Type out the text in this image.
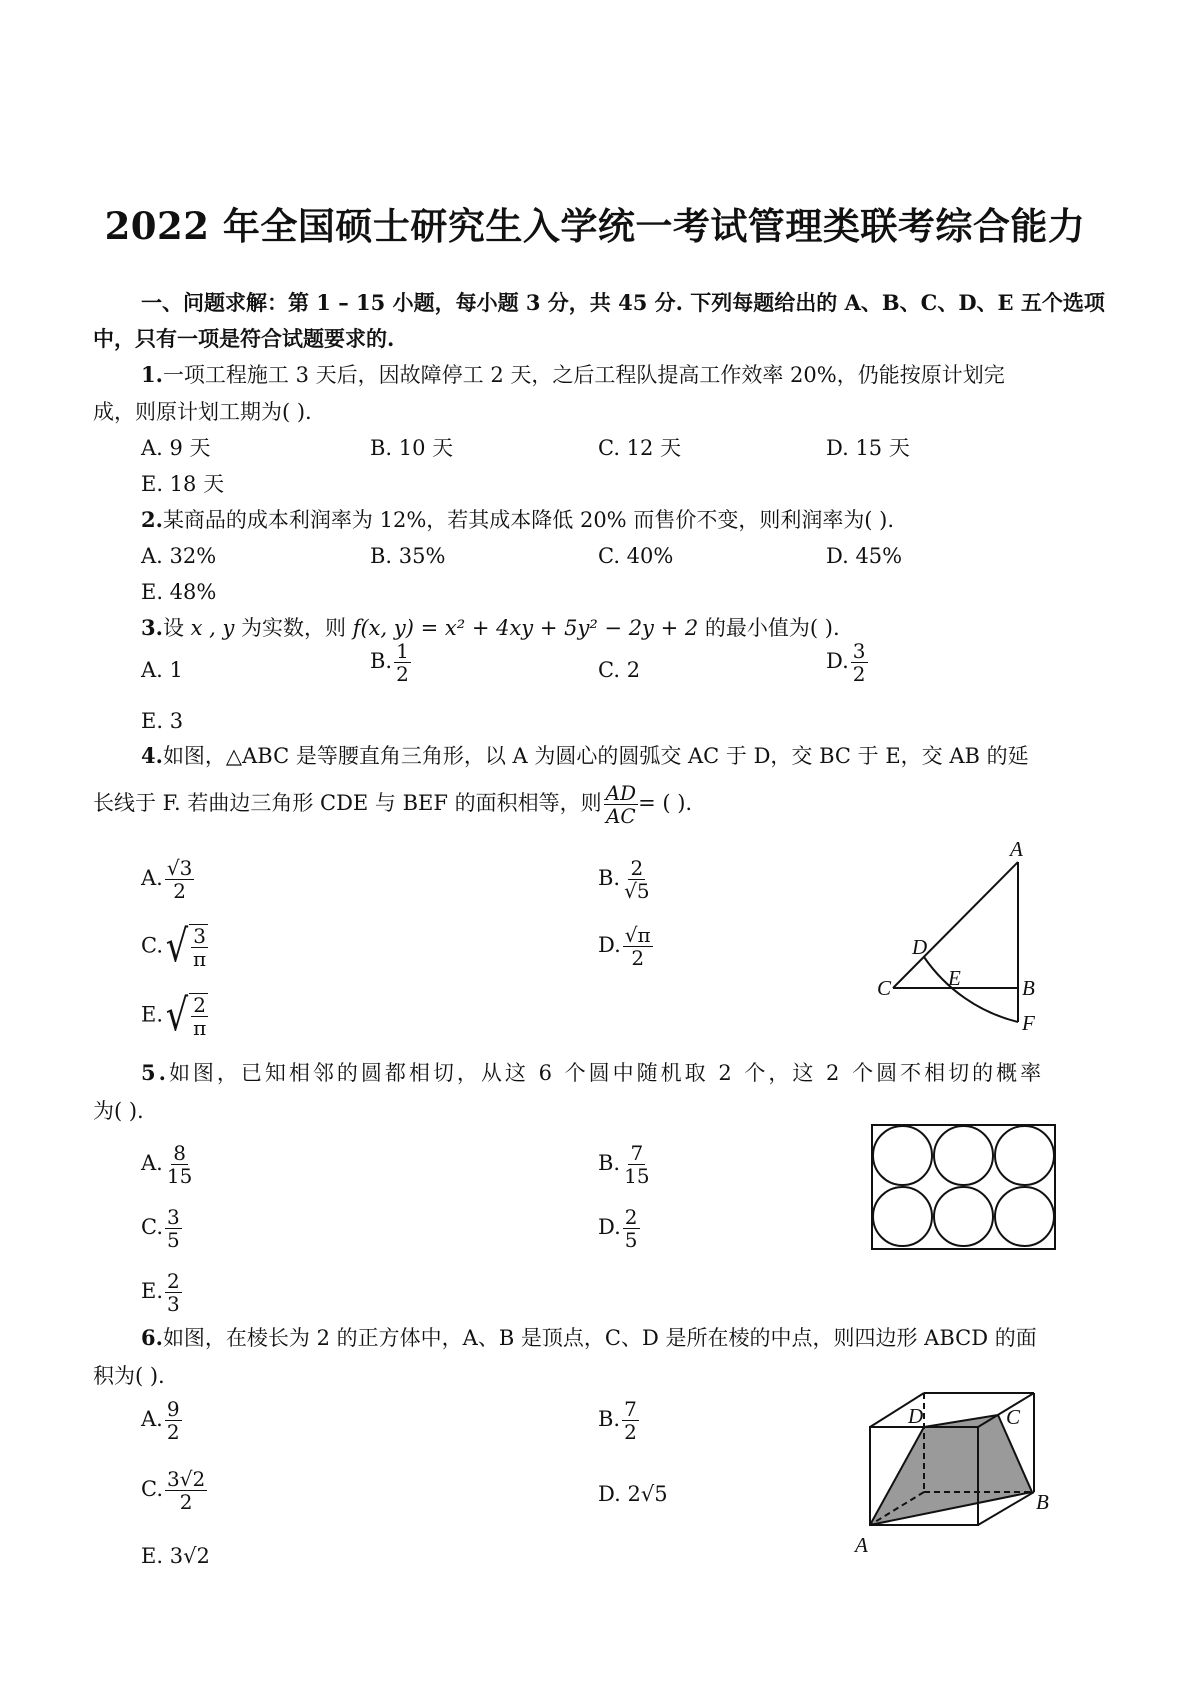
2022 年全国硕士研究生入学统一考试管理类联考综合能力
一、问题求解：第 1 – 15 小题，每小题 3 分，共 45 分. 下列每题给出的 A、B、C、D、E 五个选项
中，只有一项是符合试题要求的.
1.一项工程施工 3 天后，因故障停工 2 天，之后工程队提高工作效率 20%，仍能按原计划完
成，则原计划工期为( ).
A. 9 天	B. 10 天	C. 12 天	D. 15 天
E. 18 天
2.某商品的成本利润率为 12%，若其成本降低 20% 而售价不变，则利润率为( ).
A. 32%	B. 35%	C. 40%	D. 45%
E. 48%
3.设 x , y 为实数，则 f(x, y) = x² + 4xy + 5y² − 2y + 2 的最小值为( ).
A. 1	B. $\frac{1}{2}$	C. 2	D. $\frac{3}{2}$
E. 3
4.如图，△ABC 是等腰直角三角形，以 A 为圆心的圆弧交 AC 于 D，交 BC 于 E，交 AB 的延
长线于 F. 若曲边三角形 CDE 与 BEF 的面积相等，则 $\frac{AD}{AC}$ = ( ).
A. $\frac{√3}{2}$	B. $\frac{2}{√5}$
C. √ $\frac{3}{\pi}$	D. $\frac{√\pi}{2}$
E. √ $\frac{2}{\pi}$
A
C	B
D
E
F
5.如图，已知相邻的圆都相切，从这 6 个圆中随机取 2 个，这 2 个圆不相切的概率
为( ).
A. $\frac{8}{15}$	B. $\frac{7}{15}$
C. $\frac{3}{5}$	D. $\frac{2}{5}$
E. $\frac{2}{3}$
6.如图，在棱长为 2 的正方体中，A、B 是顶点，C、D 是所在棱的中点，则四边形 ABCD 的面
积为( ).
A. $\frac{9}{2}$	B. $\frac{7}{2}$
C. $\frac{3√2}{2}$	D. 2√5
E. 3√2	A
B
C
D
